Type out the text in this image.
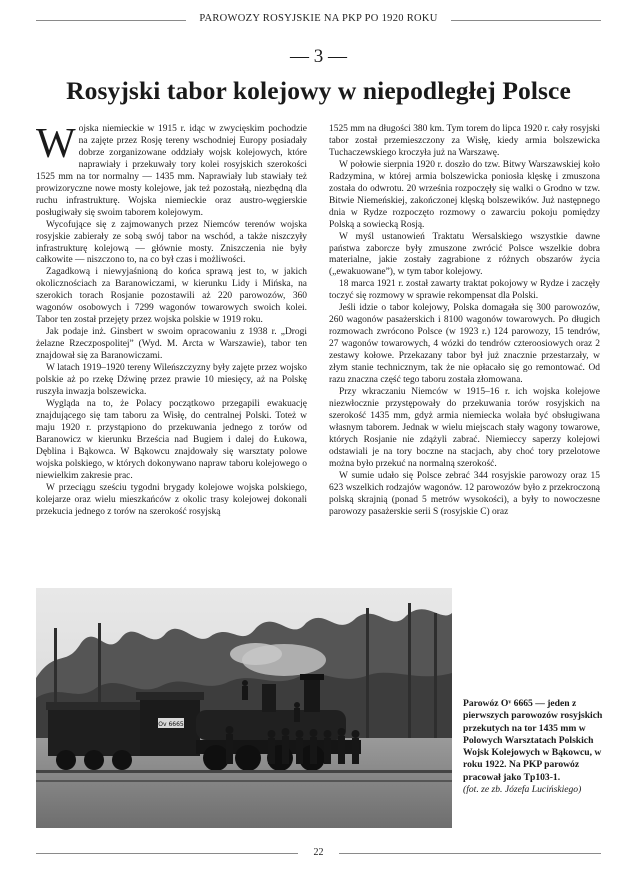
PAROWOZY ROSYJSKIE NA PKP PO 1920 ROKU
— 3 —
Rosyjski tabor kolejowy w niepodległej Polsce

Wojska niemieckie w 1915 r. idąc w zwycięskim pochodzie na zajęte przez Rosję tereny wschodniej Europy posiadały dobrze zorganizowane oddziały wojsk kolejowych, które naprawiały i przekuwały tory kolei rosyjskich szerokości 1525 mm na tor normalny — 1435 mm. Naprawiały lub stawiały też prowizoryczne nowe mosty kolejowe, jak też pozostałą, niezbędną dla ruchu infrastrukturę. Wojska niemieckie oraz austro-węgierskie posługiwały się swoim taborem kolejowym.

Wycofujące się z zajmowanych przez Niemców terenów wojska rosyjskie zabierały ze sobą swój tabor na wschód, a także niszczyły infrastrukturę kolejową — głównie mosty. Zniszczenia nie były całkowite — niszczono to, na co był czas i możliwości.

Zagadkową i niewyjaśnioną do końca sprawą jest to, w jakich okolicznościach za Baranowiczami, w kierunku Lidy i Mińska, na szerokich torach Rosjanie pozostawili aż 220 parowozów, 360 wagonów osobowych i 7299 wagonów towarowych swoich kolei. Tabor ten został przejęty przez wojska polskie w 1919 roku.

Jak podaje inż. Ginsbert w swoim opracowaniu z 1938 r. „Drogi żelazne Rzeczpospolitej” (Wyd. M. Arcta w Warszawie), tabor ten znajdował się za Baranowiczami.

W latach 1919–1920 tereny Wileńszczyzny były zajęte przez wojsko polskie aż po rzekę Dźwinę przez prawie 10 miesięcy, aż na Polskę ruszyła inwazja bolszewicka.

Wygląda na to, że Polacy początkowo przegapili ewakuację znajdującego się tam taboru za Wisłę, do centralnej Polski. Toteż w maju 1920 r. przystąpiono do przekuwania jednego z torów od Baranowicz w kierunku Brześcia nad Bugiem i dalej do Łukowa, Dęblina i Bąkowca. W Bąkowcu znajdowały się warsztaty polowe wojska polskiego, w których dokonywano napraw taboru kolejowego o niewielkim zakresie prac.

W przeciągu sześciu tygodni brygady kolejowe wojska polskiego, kolejarze oraz wielu mieszkańców z okolic trasy kolejowej dokonali przekucia jednego z torów na szerokość rosyjską

1525 mm na długości 380 km. Tym torem do lipca 1920 r. cały rosyjski tabor został przemieszczony za Wisłę, kiedy armia bolszewicka Tuchaczewskiego kroczyła już na Warszawę.

W połowie sierpnia 1920 r. doszło do tzw. Bitwy Warszawskiej koło Radzymina, w której armia bolszewicka poniosła klęskę i zmuszona została do odwrotu. 20 września rozpoczęły się walki o Grodno w tzw. Bitwie Niemeńskiej, zakończonej klęską bolszewików. Już następnego dnia w Rydze rozpoczęto rozmowy o zawarciu pokoju pomiędzy Polską a sowiecką Rosją.

W myśl ustanowień Traktatu Wersalskiego wszystkie dawne państwa zaborcze były zmuszone zwrócić Polsce wszelkie dobra materialne, jakie zostały zagrabione z różnych obszarów życia („ewakuowane”), w tym tabor kolejowy.

18 marca 1921 r. został zawarty traktat pokojowy w Rydze i zaczęły toczyć się rozmowy w sprawie rekompensat dla Polski.

Jeśli idzie o tabor kolejowy, Polska domagała się 300 parowozów, 260 wagonów pasażerskich i 8100 wagonów towarowych. Po długich rozmowach zwrócono Polsce (w 1923 r.) 124 parowozy, 15 tendrów, 27 wagonów towarowych, 4 wózki do tendrów czteroosiowych oraz 2 zestawy kołowe. Przekazany tabor był już znacznie przestarzały, w złym stanie technicznym, tak że nie opłacało się go remontować. Od razu znaczna część tego taboru została złomowana.

Przy wkraczaniu Niemców w 1915–16 r. ich wojska kolejowe niezwłocznie przystępowały do przekuwania torów rosyjskich na szerokość 1435 mm, gdyż armia niemiecka wolała być obsługiwana własnym taborem. Jednak w wielu miejscach stały wagony towarowe, których Rosjanie nie zdążyli zabrać. Niemieccy saperzy kolejowi odstawiali je na tory boczne na stacjach, aby choć tory przelotowe można było przekuć na normalną szerokość.

W sumie udało się Polsce zebrać 344 rosyjskie parowozy oraz 15 623 wszelkich rodzajów wagonów. 12 parowozów było z przekroczoną polską skrajnią (ponad 5 metrów wysokości), a były to nowoczesne parowozy pasażerskie serii S (rosyjskie C) oraz

Ov 6665
Parowóz Oᵛ 6665 — jeden z pierwszych parowozów rosyjskich przekutych na tor 1435 mm w Polowych Warsztatach Polskich Wojsk Kolejowych w Bąkowcu, w roku 1922. Na PKP parowóz pracował jako Tp103-1.
(fot. ze zb. Józefa Lucińskiego)
22
